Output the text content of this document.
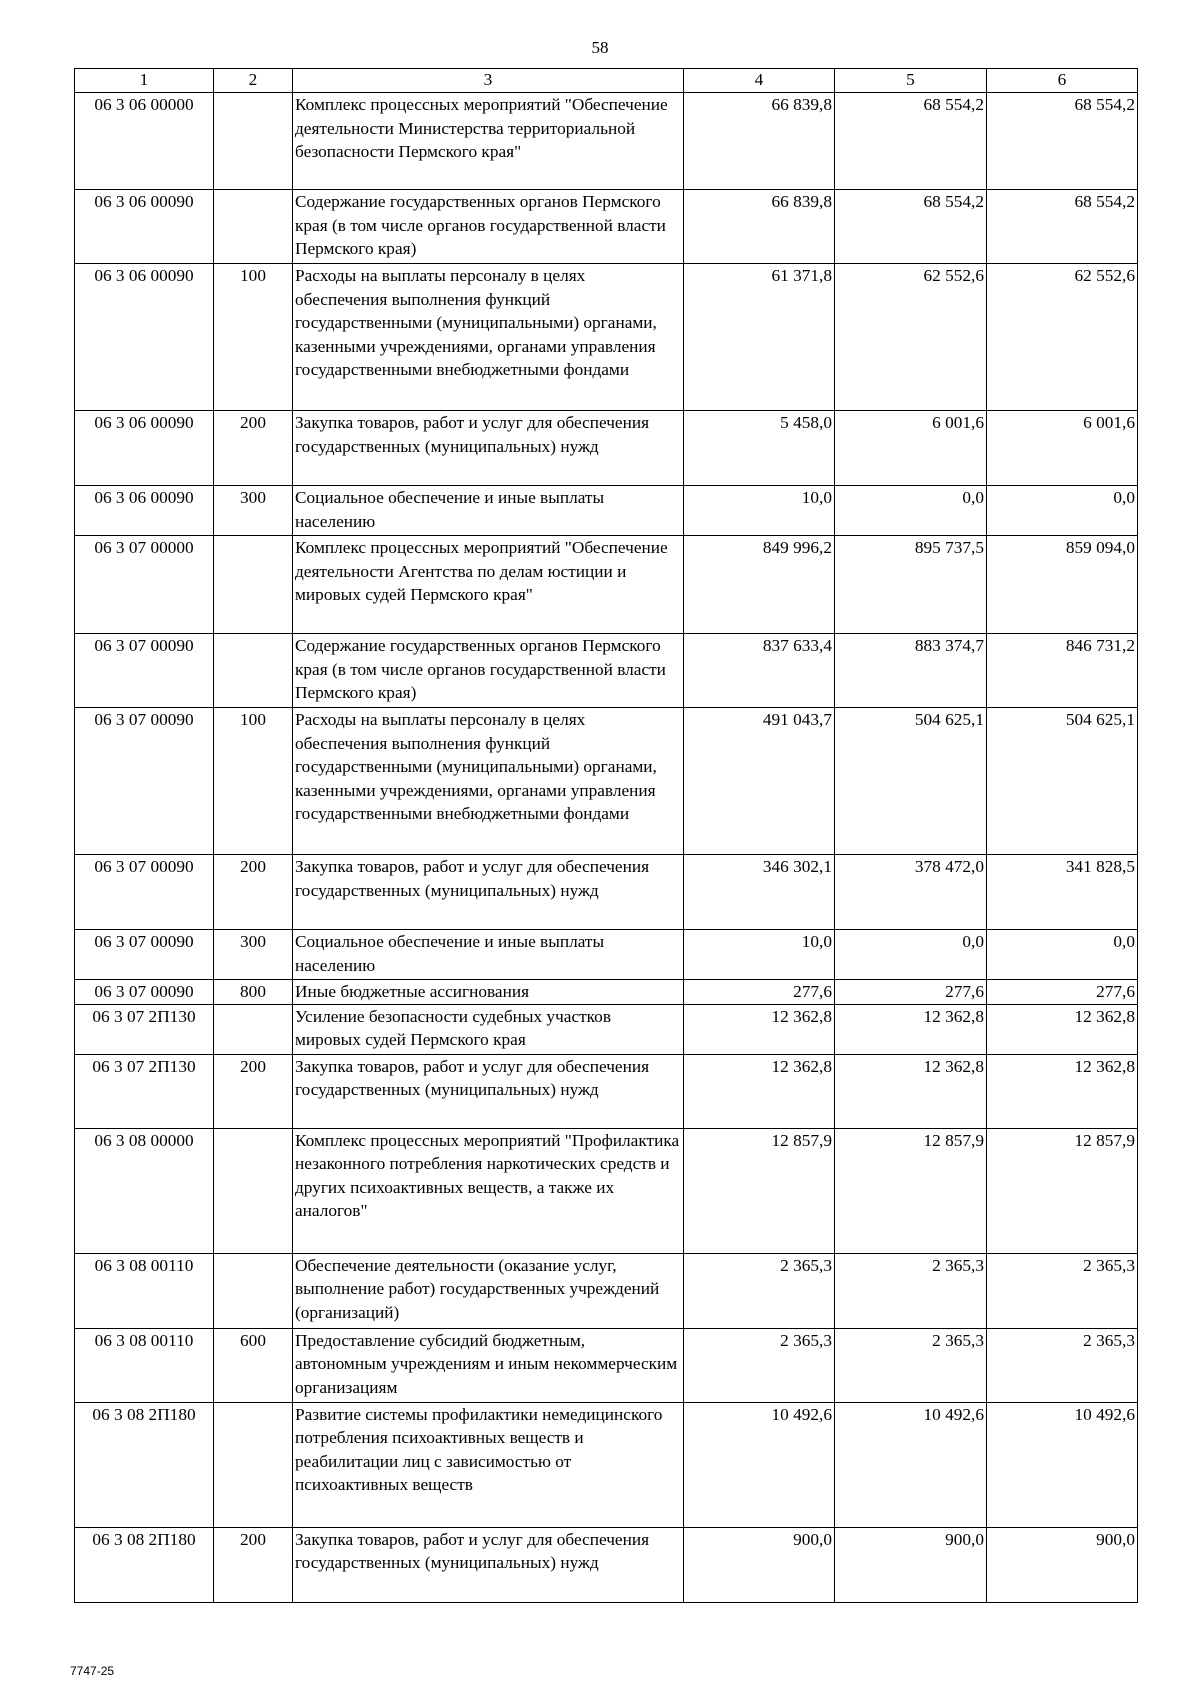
58
1	2	3	4	5	6
06 3 06 00000		Комплекс процессных мероприятий "Обеспечение деятельности Министерства территориальной безопасности Пермского края"	66 839,8	68 554,2	68 554,2
06 3 06 00090		Содержание государственных органов Пермского края (в том числе органов государственной власти Пермского края)	66 839,8	68 554,2	68 554,2
06 3 06 00090	100	Расходы на выплаты персоналу в целях обеспечения выполнения функций государственными (муниципальными) органами, казенными учреждениями, органами управления государственными внебюджетными фондами	61 371,8	62 552,6	62 552,6
06 3 06 00090	200	Закупка товаров, работ и услуг для обеспечения государственных (муниципальных) нужд	5 458,0	6 001,6	6 001,6
06 3 06 00090	300	Социальное обеспечение и иные выплаты населению	10,0	0,0	0,0
06 3 07 00000		Комплекс процессных мероприятий "Обеспечение деятельности Агентства по делам юстиции и мировых судей Пермского края"	849 996,2	895 737,5	859 094,0
06 3 07 00090		Содержание государственных органов Пермского края (в том числе органов государственной власти Пермского края)	837 633,4	883 374,7	846 731,2
06 3 07 00090	100	Расходы на выплаты персоналу в целях обеспечения выполнения функций государственными (муниципальными) органами, казенными учреждениями, органами управления государственными внебюджетными фондами	491 043,7	504 625,1	504 625,1
06 3 07 00090	200	Закупка товаров, работ и услуг для обеспечения государственных (муниципальных) нужд	346 302,1	378 472,0	341 828,5
06 3 07 00090	300	Социальное обеспечение и иные выплаты населению	10,0	0,0	0,0
06 3 07 00090	800	Иные бюджетные ассигнования	277,6	277,6	277,6
06 3 07 2П130		Усиление безопасности судебных участков мировых судей Пермского края	12 362,8	12 362,8	12 362,8
06 3 07 2П130	200	Закупка товаров, работ и услуг для обеспечения государственных (муниципальных) нужд	12 362,8	12 362,8	12 362,8
06 3 08 00000		Комплекс процессных мероприятий "Профилактика незаконного потребления наркотических средств и других психоактивных веществ, а также их аналогов"	12 857,9	12 857,9	12 857,9
06 3 08 00110		Обеспечение деятельности (оказание услуг, выполнение работ) государственных учреждений (организаций)	2 365,3	2 365,3	2 365,3
06 3 08 00110	600	Предоставление субсидий бюджетным, автономным учреждениям и иным некоммерческим организациям	2 365,3	2 365,3	2 365,3
06 3 08 2П180		Развитие системы профилактики немедицинского потребления психоактивных веществ и реабилитации лиц с зависимостью от психоактивных веществ	10 492,6	10 492,6	10 492,6
06 3 08 2П180	200	Закупка товаров, работ и услуг для обеспечения государственных (муниципальных) нужд	900,0	900,0	900,0
7747-25
